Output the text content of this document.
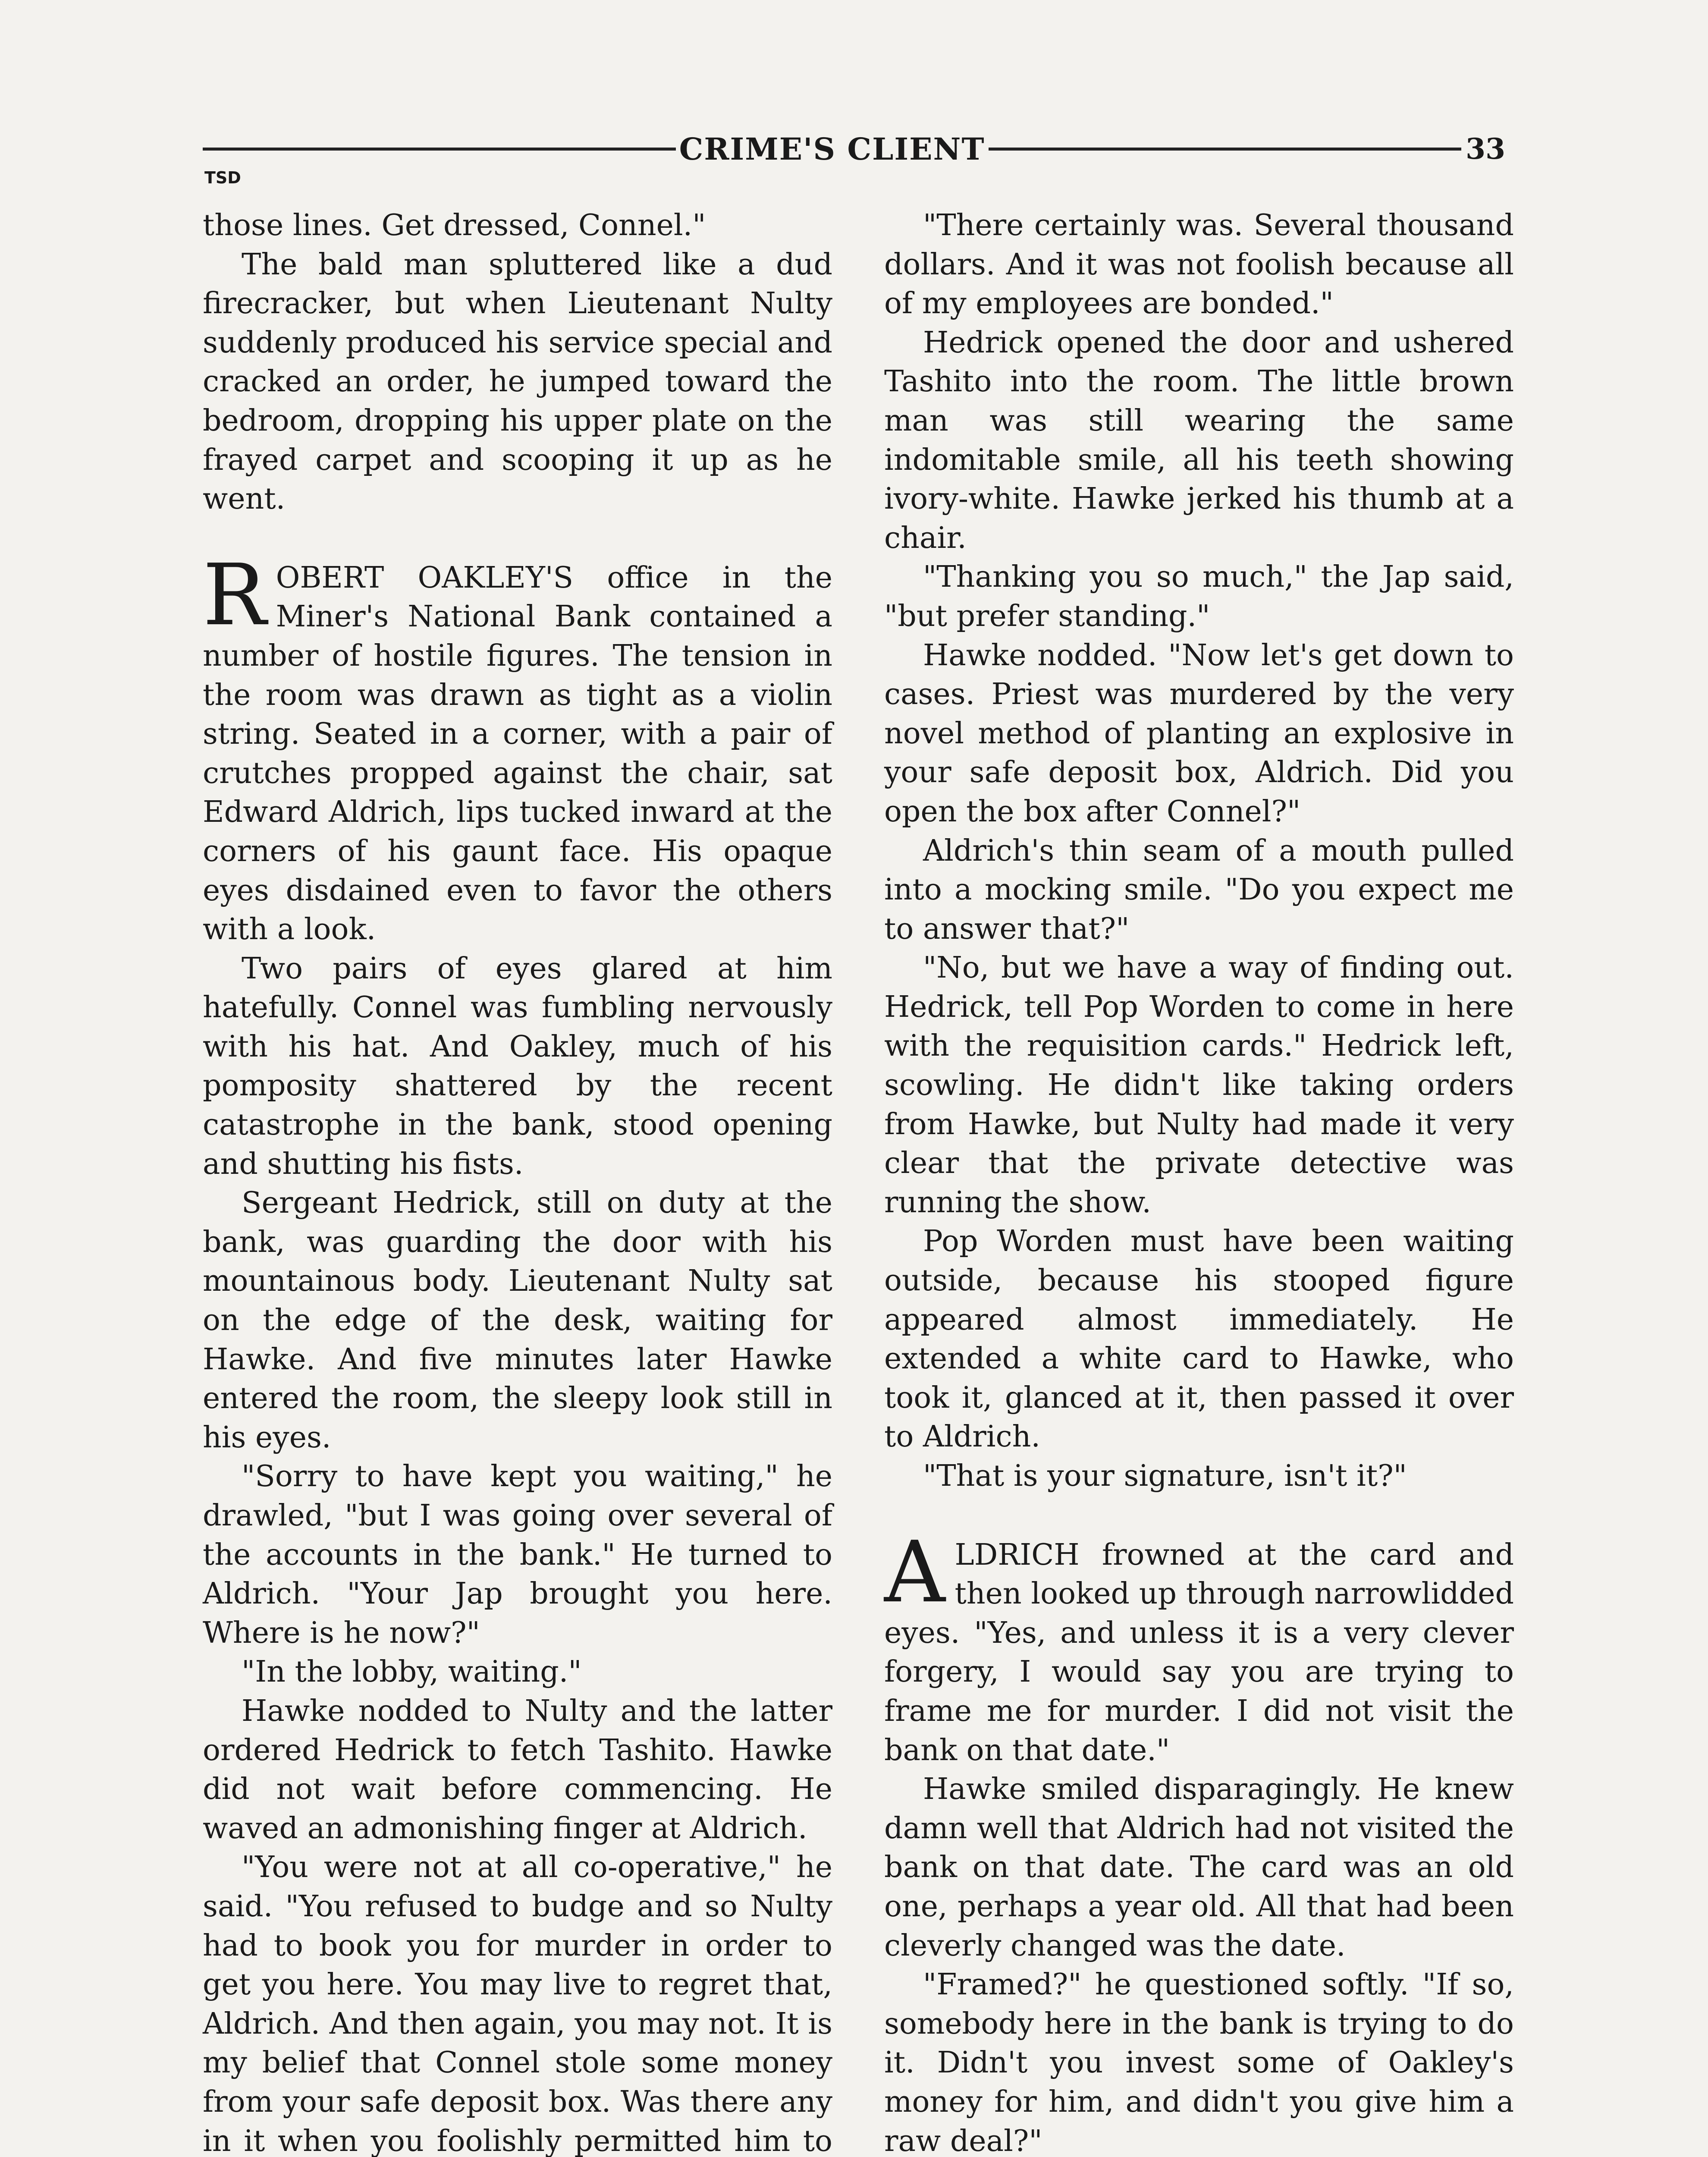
CRIME'S CLIENT	33
TSD

those lines. Get dressed, Connel."

The bald man spluttered like a dud firecracker, but when Lieutenant Nulty suddenly produced his service special and cracked an order, he jumped toward the bedroom, dropping his upper plate on the frayed carpet and scooping it up as he went.

ROBERT OAKLEY'S office in the Miner's National Bank contained a number of hostile figures. The tension in the room was drawn as tight as a violin string. Seated in a corner, with a pair of crutches propped against the chair, sat Edward Aldrich, lips tucked inward at the corners of his gaunt face. His opaque eyes disdained even to favor the others with a look.

Two pairs of eyes glared at him hatefully. Connel was fumbling nervously with his hat. And Oakley, much of his pomposity shattered by the recent catastrophe in the bank, stood opening and shutting his fists.

Sergeant Hedrick, still on duty at the bank, was guarding the door with his mountainous body. Lieutenant Nulty sat on the edge of the desk, waiting for Hawke. And five minutes later Hawke entered the room, the sleepy look still in his eyes.

"Sorry to have kept you waiting," he drawled, "but I was going over several of the accounts in the bank." He turned to Aldrich. "Your Jap brought you here. Where is he now?"

"In the lobby, waiting."

Hawke nodded to Nulty and the latter ordered Hedrick to fetch Tashito. Hawke did not wait before commencing. He waved an admonishing finger at Aldrich.

"You were not at all co-operative," he said. "You refused to budge and so Nulty had to book you for murder in order to get you here. You may live to regret that, Aldrich. And then again, you may not. It is my belief that Connel stole some money from your safe deposit box. Was there any in it when you foolishly permitted him to

"There certainly was. Several thousand dollars. And it was not foolish because all of my employees are bonded."

Hedrick opened the door and ushered Tashito into the room. The little brown man was still wearing the same indomitable smile, all his teeth showing ivory-white. Hawke jerked his thumb at a chair.

"Thanking you so much," the Jap said, "but prefer standing."

Hawke nodded. "Now let's get down to cases. Priest was murdered by the very novel method of planting an explosive in your safe deposit box, Aldrich. Did you open the box after Connel?"

Aldrich's thin seam of a mouth pulled into a mocking smile. "Do you expect me to answer that?"

"No, but we have a way of finding out. Hedrick, tell Pop Worden to come in here with the requisition cards." Hedrick left, scowling. He didn't like taking orders from Hawke, but Nulty had made it very clear that the private detective was running the show.

Pop Worden must have been waiting outside, because his stooped figure appeared almost immediately. He extended a white card to Hawke, who took it, glanced at it, then passed it over to Aldrich.

"That is your signature, isn't it?"

ALDRICH frowned at the card and then looked up through narrowlidded eyes. "Yes, and unless it is a very clever forgery, I would say you are trying to frame me for murder. I did not visit the bank on that date."

Hawke smiled disparagingly. He knew damn well that Aldrich had not visited the bank on that date. The card was an old one, perhaps a year old. All that had been cleverly changed was the date.

"Framed?" he questioned softly. "If so, somebody here in the bank is trying to do it. Didn't you invest some of Oakley's money for him, and didn't you give him a raw deal?"
